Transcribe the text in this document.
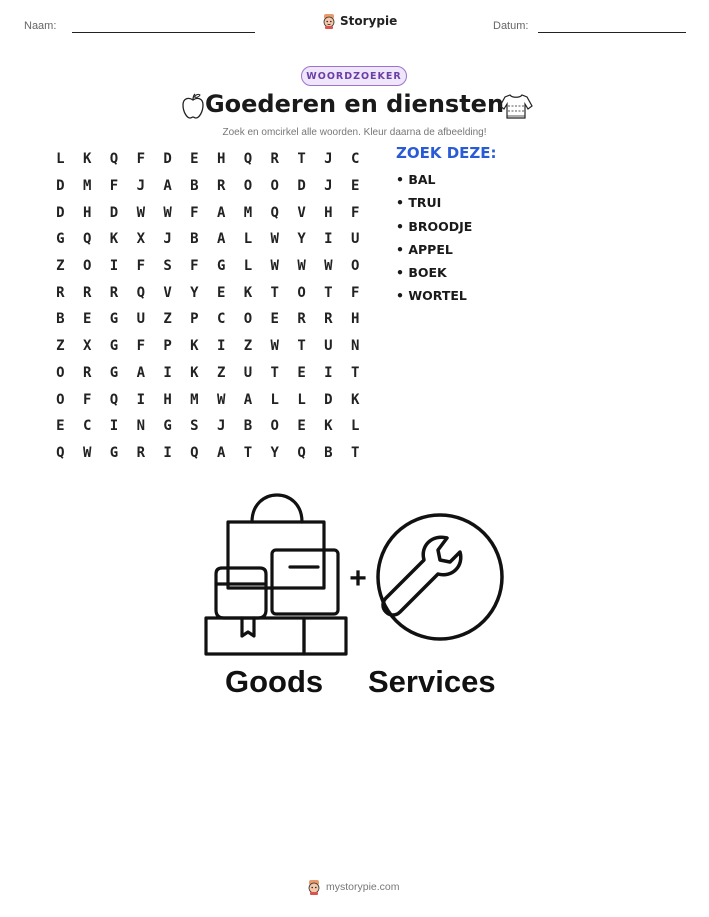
Naam:	Storypie	Datum:
WOORDZOEKER
Goederen en diensten
Zoek en omcirkel alle woorden. Kleur daarna de afbeelding!
L	K	Q	F	D	E	H	Q	R	T	J	C
D	M	F	J	A	B	R	O	O	D	J	E
D	H	D	W	W	F	A	M	Q	V	H	F
G	Q	K	X	J	B	A	L	W	Y	I	U
Z	O	I	F	S	F	G	L	W	W	W	O
R	R	R	Q	V	Y	E	K	T	O	T	F
B	E	G	U	Z	P	C	O	E	R	R	H
Z	X	G	F	P	K	I	Z	W	T	U	N
O	R	G	A	I	K	Z	U	T	E	I	T
O	F	Q	I	H	M	W	A	L	L	D	K
E	C	I	N	G	S	J	B	O	E	K	L
Q	W	G	R	I	Q	A	T	Y	Q	B	T
ZOEK DEZE:
• BAL
• TRUI
• BROODJE
• APPEL
• BOEK
• WORTEL
+
Goods Services
mystorypie.com
